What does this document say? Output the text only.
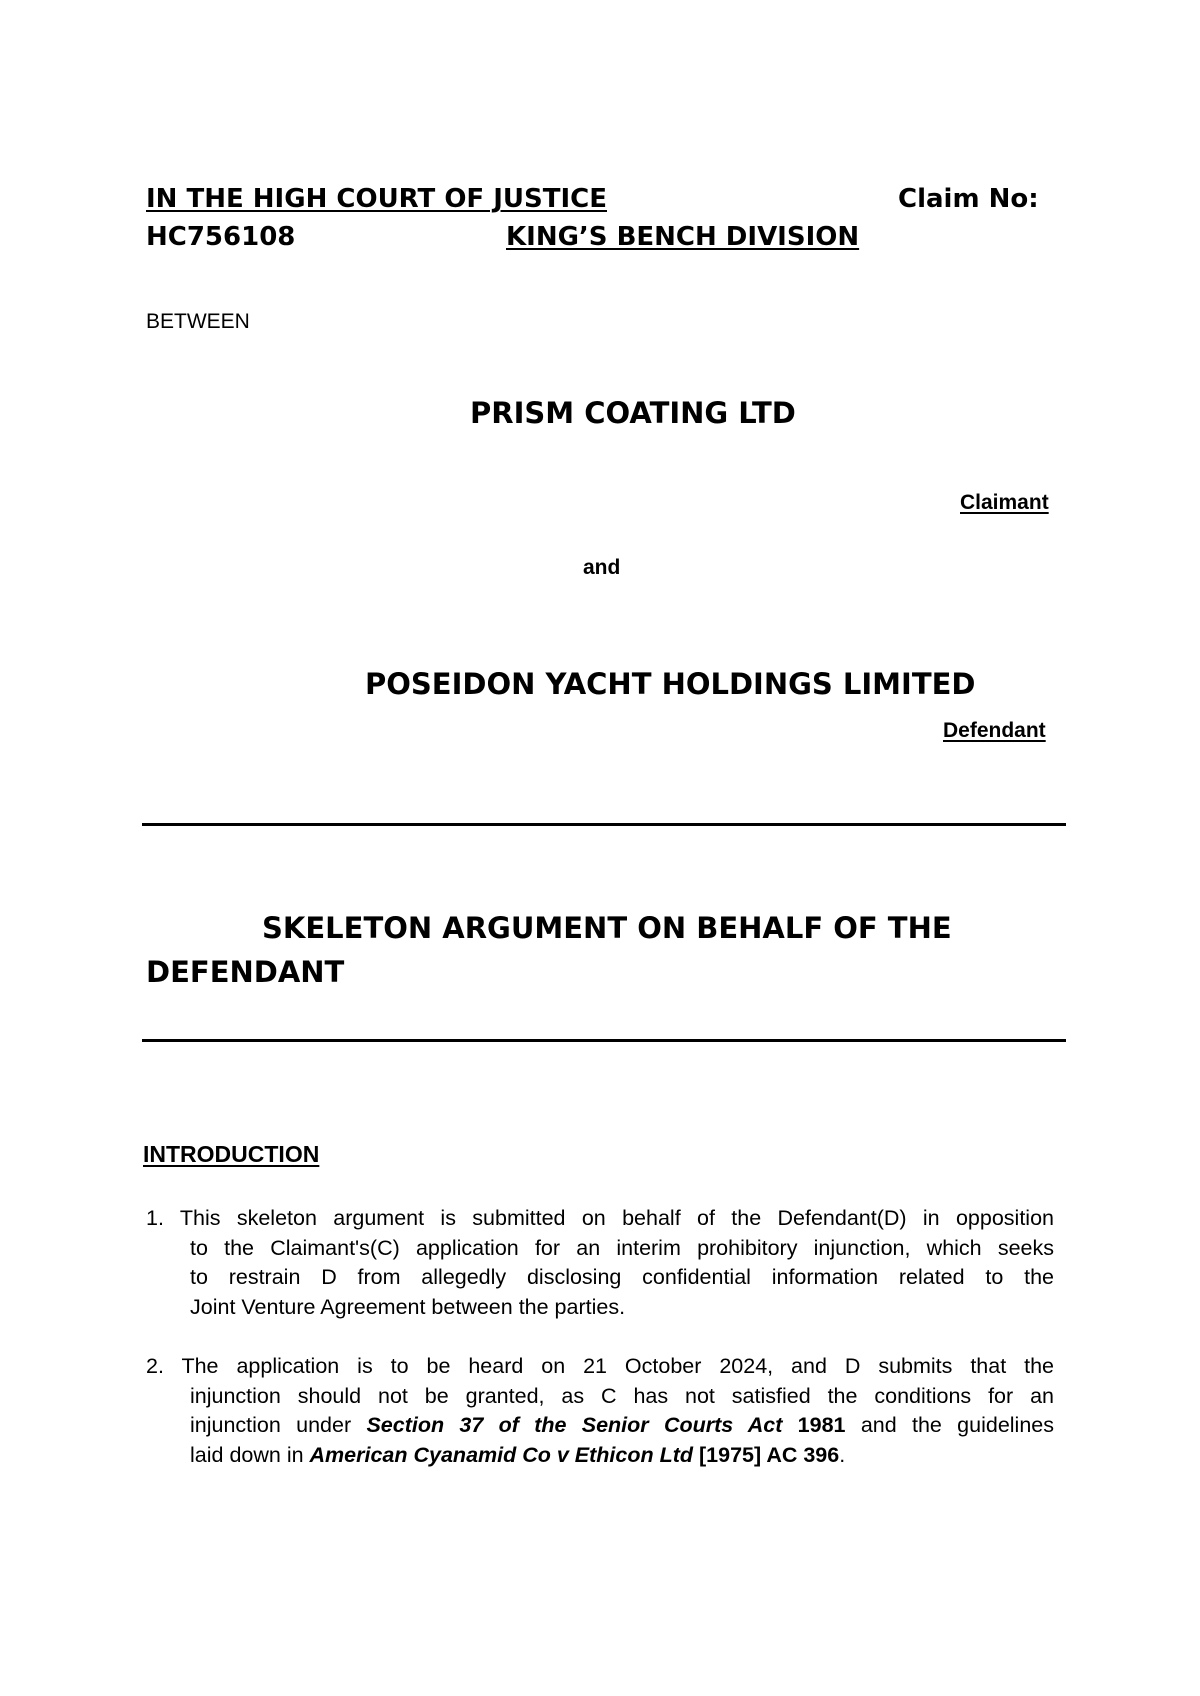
IN THE HIGH COURT OF JUSTICE	Claim No:
HC756108	KING’S BENCH DIVISION
BETWEEN
PRISM COATING LTD
Claimant
and
POSEIDON YACHT HOLDINGS LIMITED
Defendant
SKELETON ARGUMENT ON BEHALF OF THE
DEFENDANT
INTRODUCTION
1. This skeleton argument is submitted on behalf of the Defendant(D) in opposition
to the Claimant's(C) application for an interim prohibitory injunction, which seeks
to restrain D from allegedly disclosing confidential information related to the
Joint Venture Agreement between the parties.
2. The application is to be heard on 21 October 2024, and D submits that the
injunction should not be granted, as C has not satisfied the conditions for an
injunction under Section 37 of the Senior Courts Act 1981 and the guidelines
laid down in American Cyanamid Co v Ethicon Ltd [1975] AC 396.
